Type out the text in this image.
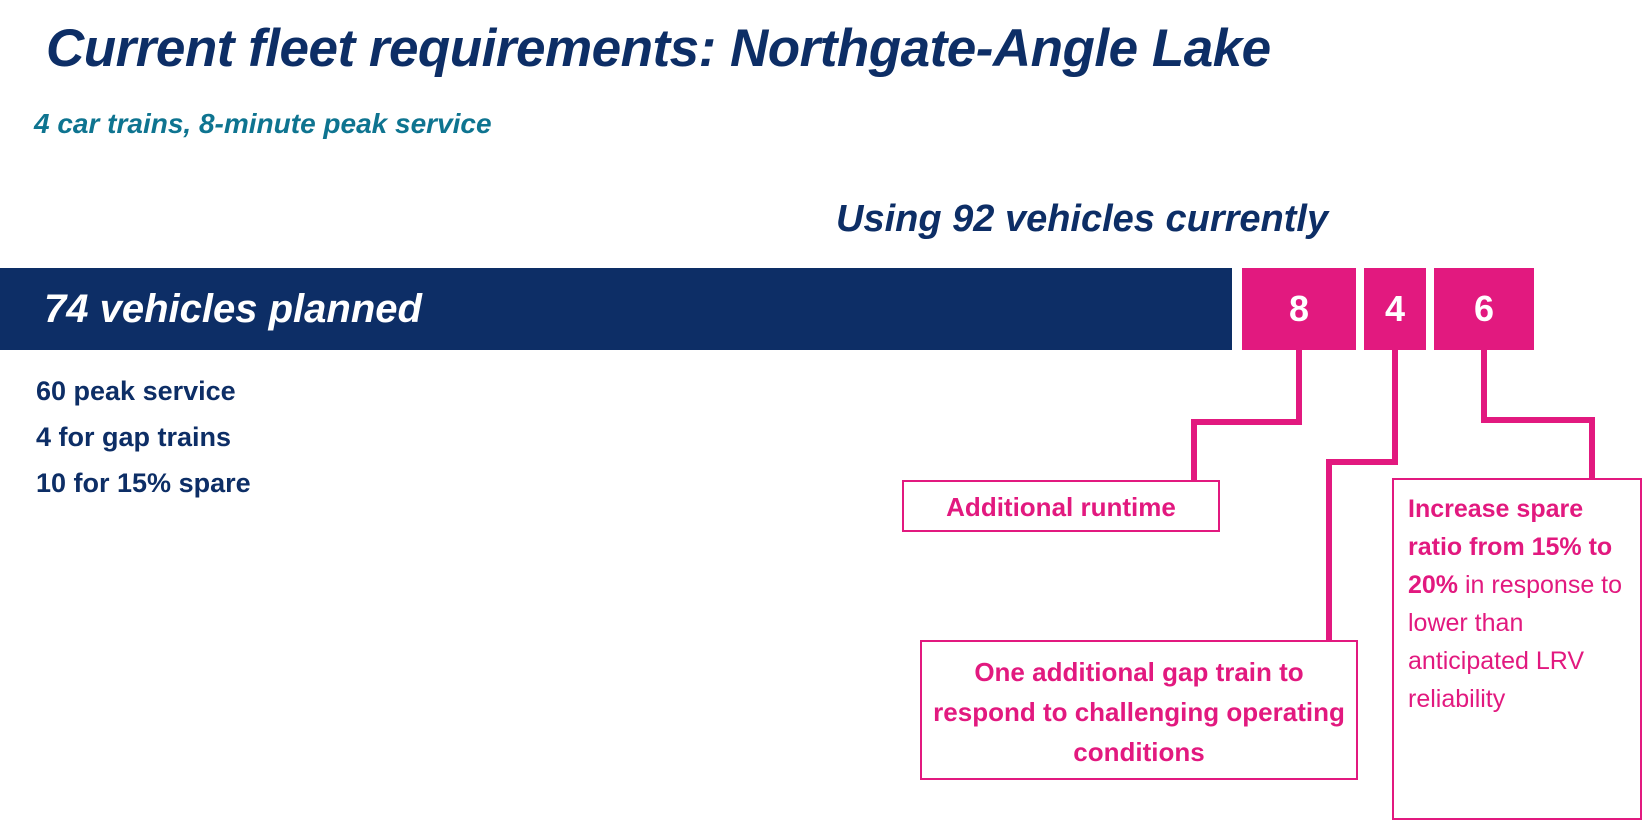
Current fleet requirements: Northgate-Angle Lake
4 car trains, 8-minute peak service
Using 92 vehicles currently
74 vehicles planned	8	4	6
60 peak service
4 for gap trains
10 for 15% spare
Additional runtime
One additional gap train to respond to challenging operating conditions
Increase spare ratio from 15% to 20% in response to lower than anticipated LRV reliability
